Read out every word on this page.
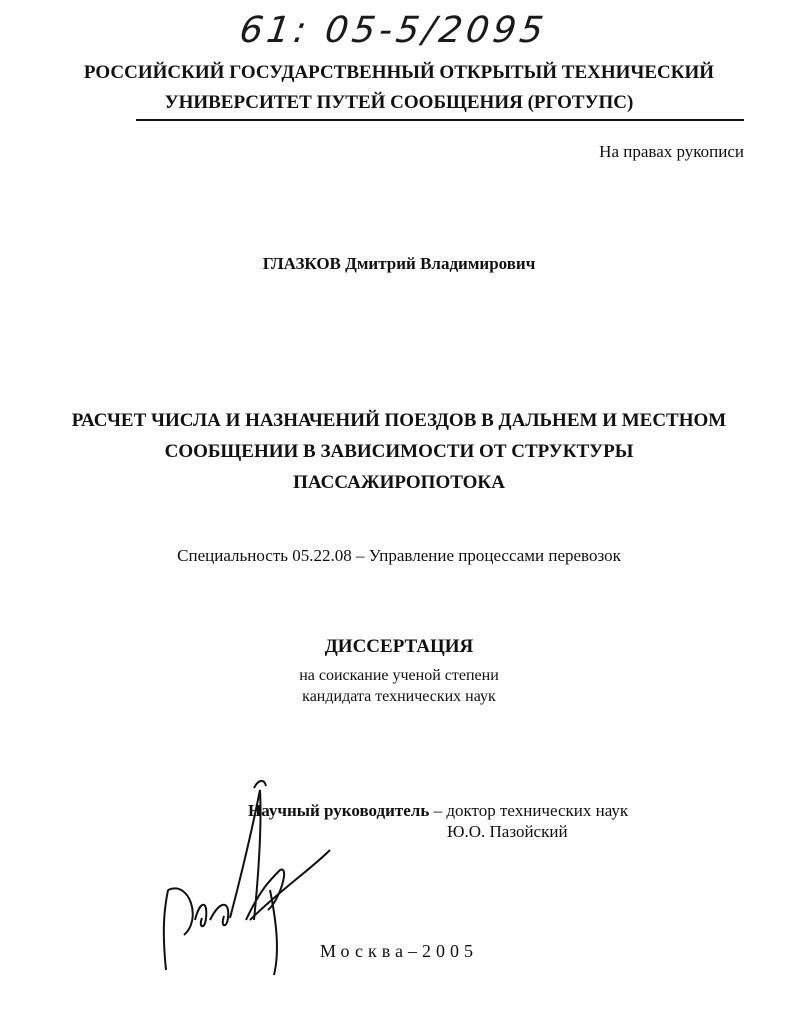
61: 05-5/2095
РОССИЙСКИЙ ГОСУДАРСТВЕННЫЙ ОТКРЫТЫЙ ТЕХНИЧЕСКИЙ
УНИВЕРСИТЕТ ПУТЕЙ СООБЩЕНИЯ (РГОТУПС)
На правах рукописи
ГЛАЗКОВ Дмитрий Владимирович
РАСЧЕТ ЧИСЛА И НАЗНАЧЕНИЙ ПОЕЗДОВ В ДАЛЬНЕМ И МЕСТНОМ
СООБЩЕНИИ В ЗАВИСИМОСТИ ОТ СТРУКТУРЫ
ПАССАЖИРОПОТОКА
Специальность 05.22.08 – Управление процессами перевозок
ДИССЕРТАЦИЯ
на соискание ученой степени
кандидата технических наук
Научный руководитель – доктор технических наук
Ю.О. Пазойский
Москва–2005
